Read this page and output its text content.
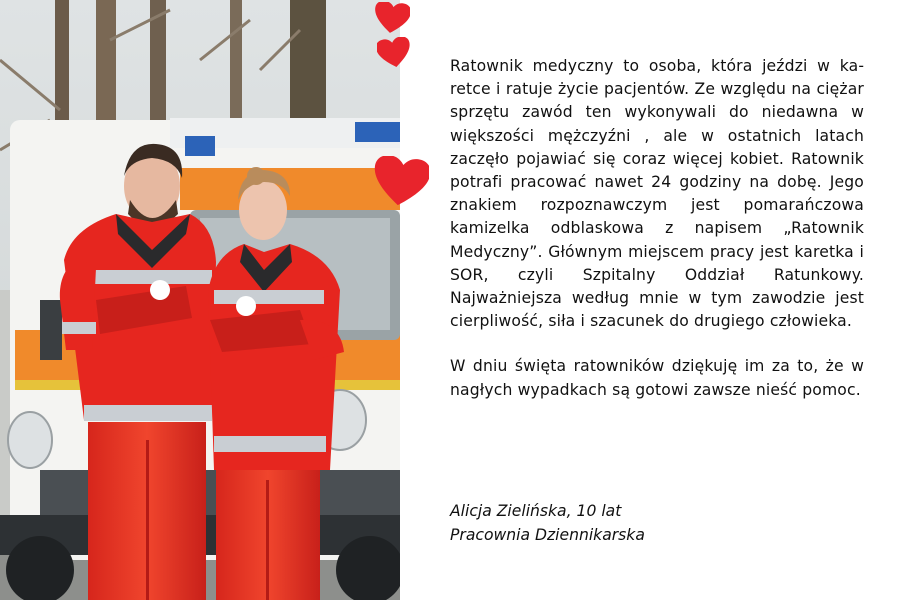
Ratownik medyczny to osoba, która jeździ w karetce i ratuje życie pacjentów. Ze względu na ciężar sprzętu zawód ten wykonywali do niedawna w większości mężczyźni , ale w ostatnich latach zaczęło pojawiać się coraz więcej kobiet. Ratownik potrafi pracować nawet 24 godziny na dobę. Jego znakiem rozpoznawczym jest pomarańczowa kamizelka odblaskowa z napisem „Ratownik Medyczny”. Głównym miejscem pracy jest karetka i SOR, czyli Szpitalny Oddział Ratunkowy. Najważniejsza według mnie w tym zawodzie jest cierpliwość, siła i szacunek do drugiego człowieka.

W dniu święta ratowników dziękuję im za to, że w nagłych wypadkach są gotowi zawsze nieść pomoc.

Alicja Zielińska, 10 lat
Pracownia Dziennikarska
